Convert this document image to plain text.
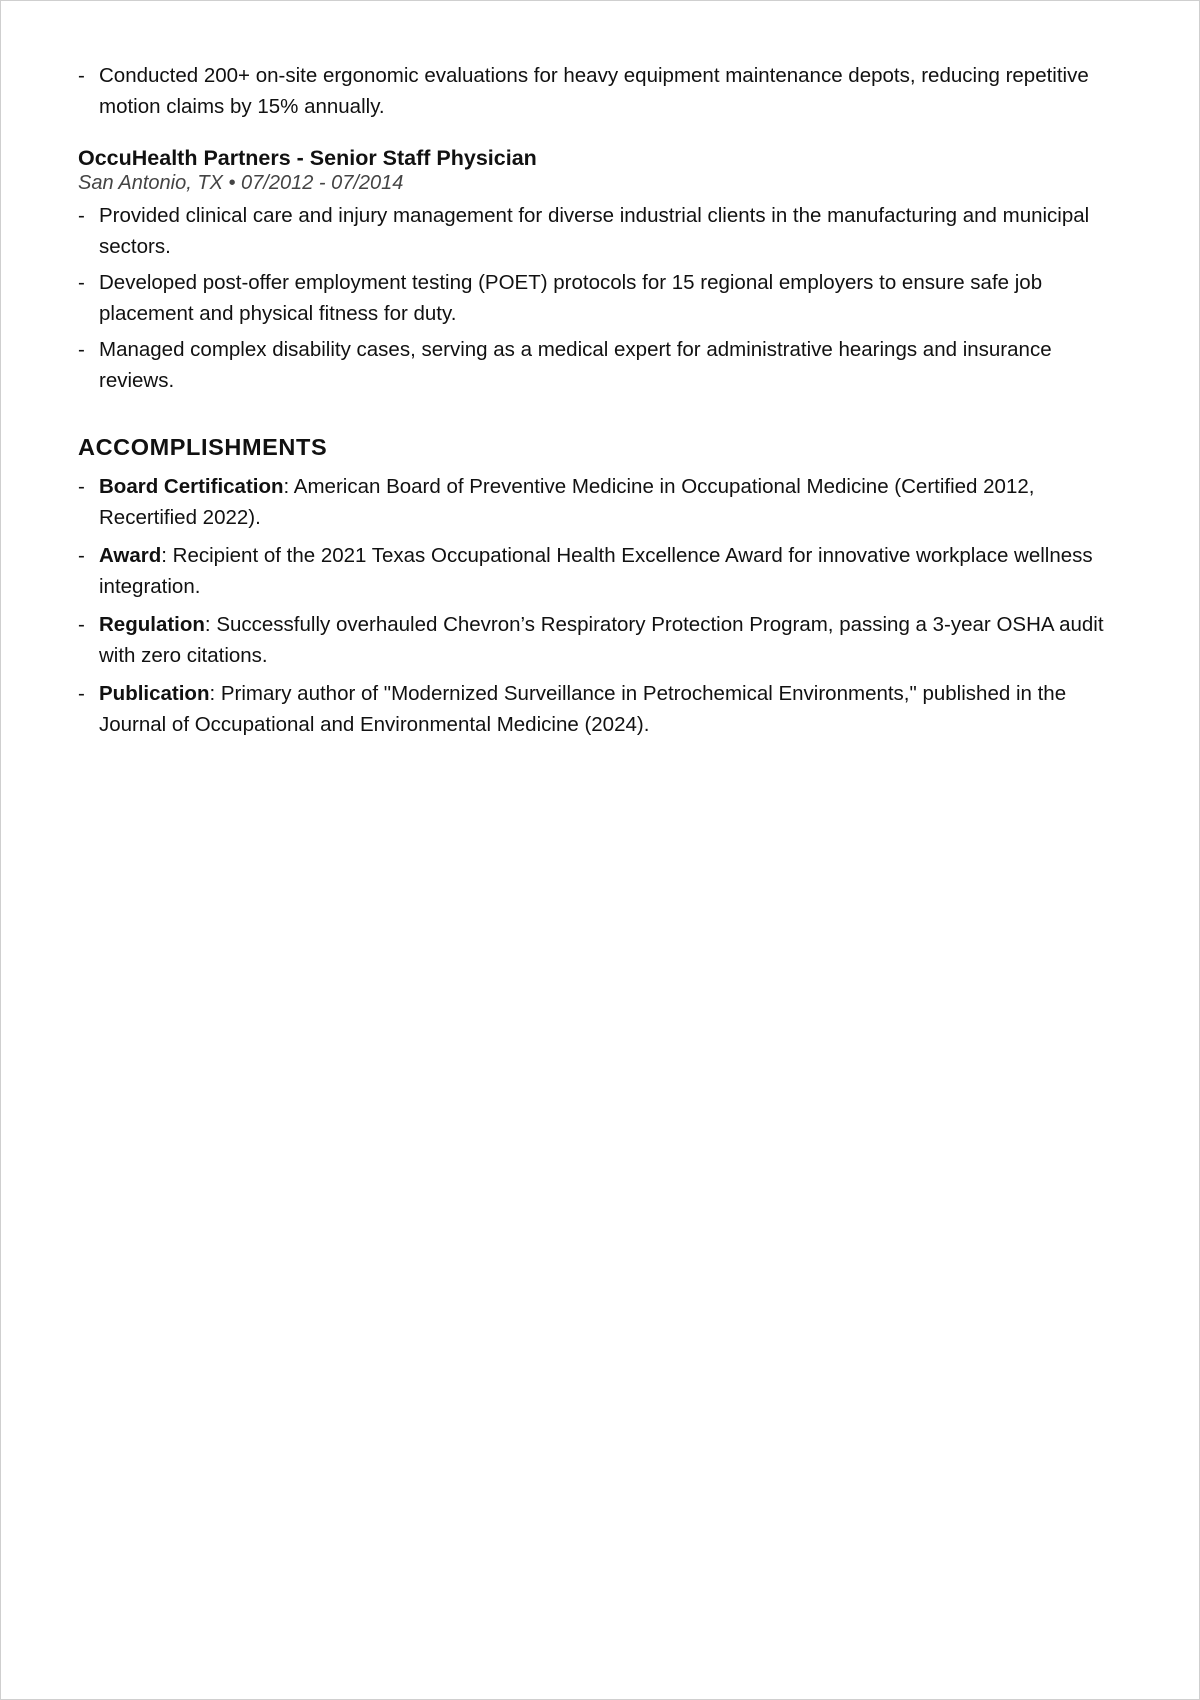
- Conducted 200+ on-site ergonomic evaluations for heavy equipment maintenance depots, reducing repetitive motion claims by 15% annually.
OccuHealth Partners - Senior Staff Physician
San Antonio, TX • 07/2012 - 07/2014
- Provided clinical care and injury management for diverse industrial clients in the manufacturing and municipal sectors.
- Developed post-offer employment testing (POET) protocols for 15 regional employers to ensure safe job placement and physical fitness for duty.
- Managed complex disability cases, serving as a medical expert for administrative hearings and insurance reviews.
ACCOMPLISHMENTS
- Board Certification: American Board of Preventive Medicine in Occupational Medicine (Certified 2012, Recertified 2022).
- Award: Recipient of the 2021 Texas Occupational Health Excellence Award for innovative workplace wellness integration.
- Regulation: Successfully overhauled Chevron’s Respiratory Protection Program, passing a 3-year OSHA audit with zero citations.
- Publication: Primary author of "Modernized Surveillance in Petrochemical Environments," published in the Journal of Occupational and Environmental Medicine (2024).
